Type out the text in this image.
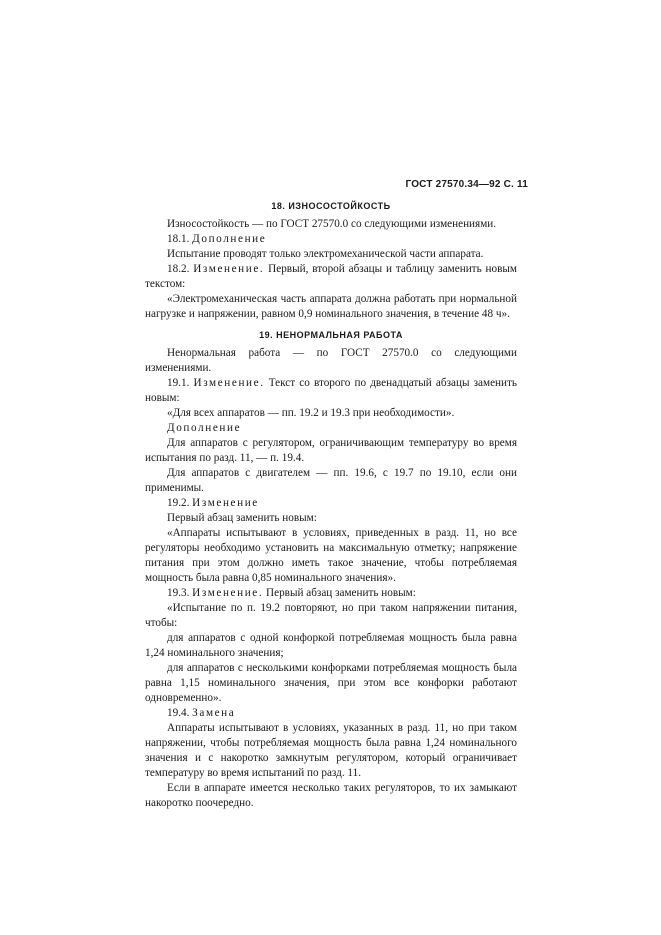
ГОСТ 27570.34—92 С. 11
18. ИЗНОСОСТОЙКОСТЬ

Износостойкость — по ГОСТ 27570.0 со следующими изменениями.

18.1. Дополнение

Испытание проводят только электромеханической части аппарата.

18.2. Изменение. Первый, второй абзацы и таблицу заменить новым текстом:

«Электромеханическая часть аппарата должна работать при нормальной нагрузке и напряжении, равном 0,9 номинального значения, в течение 48 ч».

19. НЕНОРМАЛЬНАЯ РАБОТА

Ненормальная работа — по ГОСТ 27570.0 со следующими изменениями.

19.1. Изменение. Текст со второго по двенадцатый абзацы заменить новым:

«Для всех аппаратов — пп. 19.2 и 19.3 при необходимости».

Дополнение

Для аппаратов с регулятором, ограничивающим температуру во время испытания по разд. 11, — п. 19.4.

Для аппаратов с двигателем — пп. 19.6, с 19.7 по 19.10, если они применимы.

19.2. Изменение

Первый абзац заменить новым:

«Аппараты испытывают в условиях, приведенных в разд. 11, но все регуляторы необходимо установить на максимальную отметку; напряжение питания при этом должно иметь такое значение, чтобы потребляемая мощность была равна 0,85 номинального значения».

19.3. Изменение. Первый абзац заменить новым:

«Испытание по п. 19.2 повторяют, но при таком напряжении питания, чтобы:

для аппаратов с одной конфоркой потребляемая мощность была равна 1,24 номинального значения;

для аппаратов с несколькими конфорками потребляемая мощность была равна 1,15 номинального значения, при этом все конфорки работают одновременно».

19.4. Замена

Аппараты испытывают в условиях, указанных в разд. 11, но при таком напряжении, чтобы потребляемая мощность была равна 1,24 номинального значения и с накоротко замкнутым регулятором, который ограничивает температуру во время испытаний по разд. 11.

Если в аппарате имеется несколько таких регуляторов, то их замыкают накоротко поочередно.
